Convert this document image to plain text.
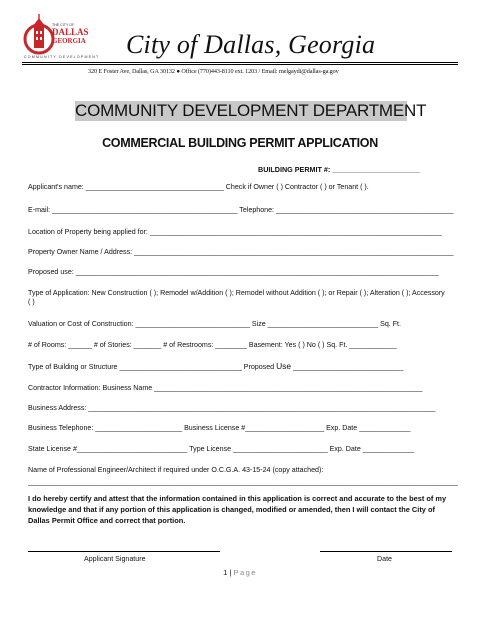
THE CITY OF
DALLAS
GEORGIA
COMMUNITY DEVELOPMENT City of Dallas, Georgia
320 E Foster Ave, Dallas, GA 30132 ● Office (770)443-8110 ext. 1203 / Email: melgaydi@dallas-ga.gov
COMMUNITY DEVELOPMENT DEPARTMENT
COMMERCIAL BUILDING PERMIT APPLICATION
BUILDING PERMIT #: ______________________
Applicant's name: ___________________________________ Check if Owner ( ) Contractor ( ) or Tenant ( ).
E-mail: _______________________________________________ Telephone: _____________________________________________
Location of Property being applied for: __________________________________________________________________________
Property Owner Name / Address: _________________________________________________________________________________
Proposed use: ____________________________________________________________________________________________
Type of Application: New Construction ( ); Remodel w/Addition ( ); Remodel without Addition ( ); or Repair ( ); Alteration ( ); Accessory ( )
Valuation or Cost of Construction: _____________________________ Size ____________________________ Sq. Ft.
# of Rooms: ______ # of Stories: _______ # of Restrooms: ________ Basement: Yes ( ) No ( ) Sq. Ft. ____________
Type of Building or Structure _______________________________ Proposed Use ____________________________
Contractor Information: Business Name ____________________________________________________________________
Business Address: ________________________________________________________________________________________
Business Telephone: ______________________ Business License #____________________ Exp. Date _____________
State License #____________________________ Type License ________________________ Exp. Date _____________
Name of Professional Engineer/Architect if required under O.C.G.A. 43-15-24 (copy attached):
_____________________________________________________________________________________________________________
I do hereby certify and attest that the information contained in this application is correct and accurate to the best of my knowledge and that if any portion of this application is changed, modified or amended, then I will contact the City of Dallas Permit Office and correct that portion.
Applicant Signature	Date
1 | Page
